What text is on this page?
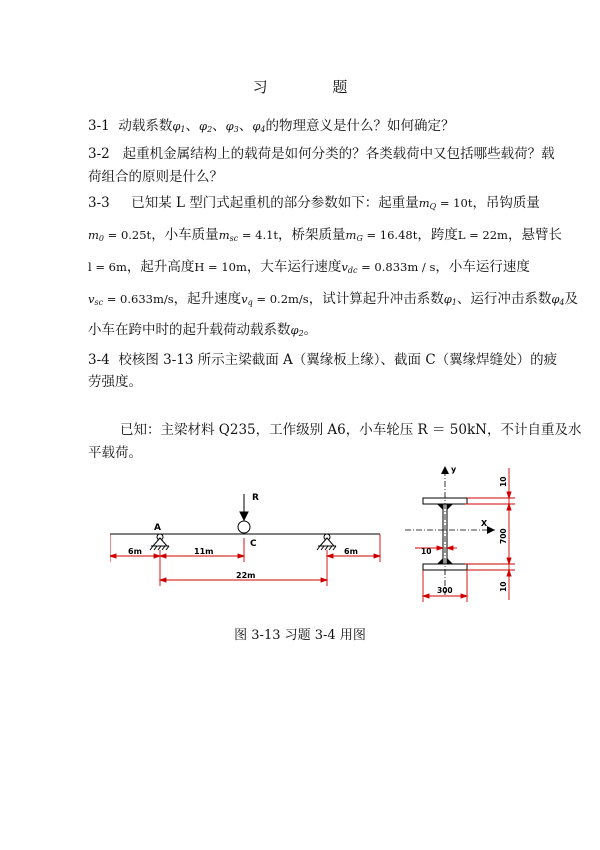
习 题
3-1 动载系数$\varphi_1$、$\varphi_2$、$\varphi_3$、$\varphi_4$的物理意义是什么？如何确定？
3-2 起重机金属结构上的载荷是如何分类的？各类载荷中又包括哪些载荷？载
荷组合的原则是什么？
3-3 已知某 L 型门式起重机的部分参数如下：起重量$m_Q = 10t$，吊钩质量
$m_0 = 0.25t$，小车质量$m_{sc} = 4.1t$，桥架质量$m_G = 16.48t$，跨度L = 22m，悬臂长
l = 6m，起升高度H = 10m，大车运行速度$v_{dc} = 0.833m / s$，小车运行速度
$v_{sc} = 0.633m/s$，起升速度$v_q = 0.2m/s$，试计算起升冲击系数$\varphi_1$、运行冲击系数$\varphi_4$及
小车在跨中时的起升载荷动载系数$\varphi_2$。
3-4 校核图 3-13 所示主梁截面 A（翼缘板上缘）、截面 C（翼缘焊缝处）的疲
劳强度。
已知：主梁材料 Q235，工作级别 A6，小车轮压 R ＝ 50kN，不计自重及水
平载荷。
R
A
C
6m	11m	6m
22m
y
X
10
300
10
700
10
图 3-13 习题 3-4 用图
